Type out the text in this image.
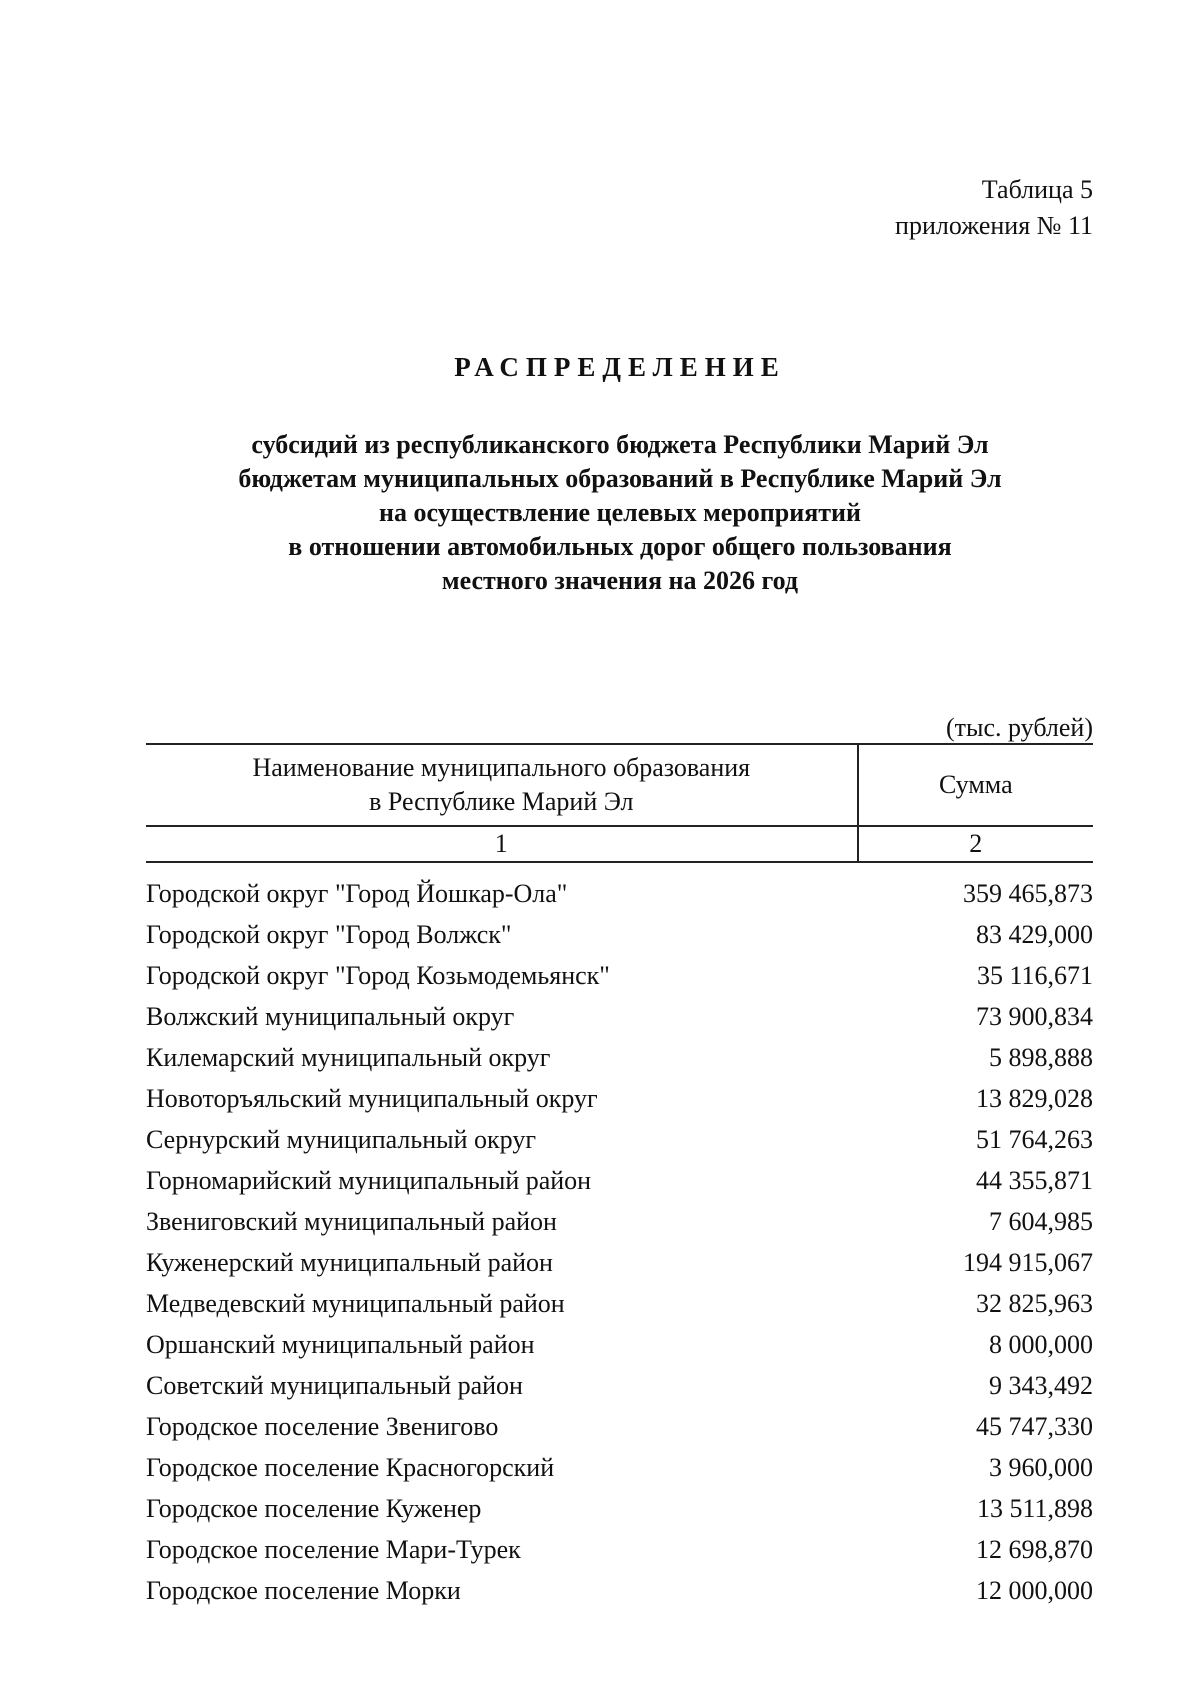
Таблица 5
приложения № 11
РАСПРЕДЕЛЕНИЕ
субсидий из республиканского бюджета Республики Марий Эл
бюджетам муниципальных образований в Республике Марий Эл
на осуществление целевых мероприятий
в отношении автомобильных дорог общего пользования
местного значения на 2026 год
(тыс. рублей)
Наименование муниципального образования
в Республике Марий Эл	Сумма
1	2

Городской округ "Город Йошкар-Ола"	359 465,873
Городской округ "Город Волжск"	83 429,000
Городской округ "Город Козьмодемьянск"	35 116,671
Волжский муниципальный округ	73 900,834
Килемарский муниципальный округ	5 898,888
Новоторъяльский муниципальный округ	13 829,028
Сернурский муниципальный округ	51 764,263
Горномарийский муниципальный район	44 355,871
Звениговский муниципальный район	7 604,985
Куженерский муниципальный район	194 915,067
Медведевский муниципальный район	32 825,963
Оршанский муниципальный район	8 000,000
Советский муниципальный район	9 343,492
Городское поселение Звенигово	45 747,330
Городское поселение Красногорский	3 960,000
Городское поселение Куженер	13 511,898
Городское поселение Мари-Турек	12 698,870
Городское поселение Морки	12 000,000
